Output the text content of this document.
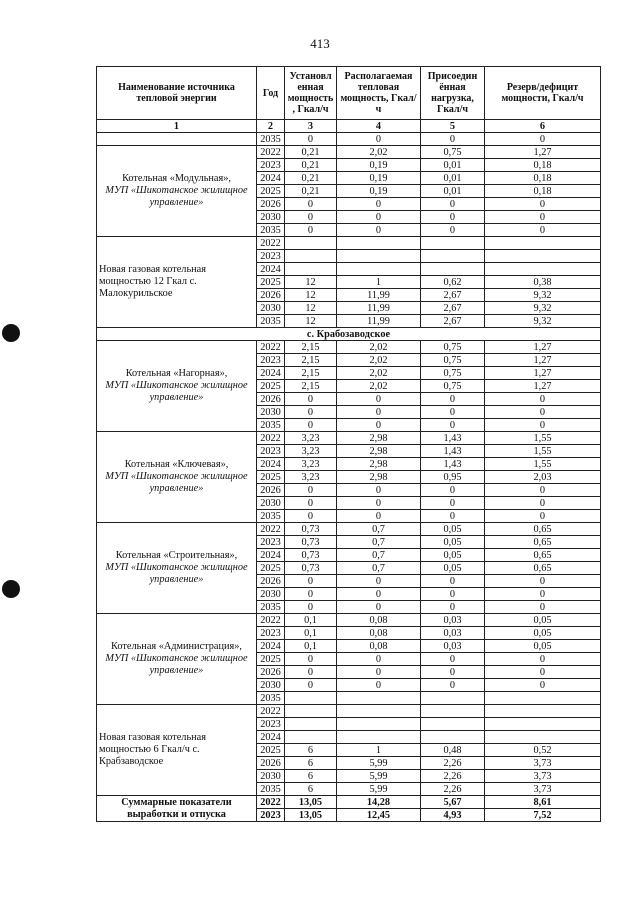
413
Наименование источника тепловой энергии	Год	Установл енная мощность , Гкал/ч	Располагаемая тепловая мощность, Гкал/ч	Присоедин ённая нагрузка, Гкал/ч	Резерв/дефицит мощности, Гкал/ч
1	2	3	4	5	6
	2035	0	0	0	0

Котельная «Модульная»,
МУП «Шикотанское жилищное управление»	2022	0,21	2,02	0,75	1,27
	2023	0,21	0,19	0,01	0,18
	2024	0,21	0,19	0,01	0,18
	2025	0,21	0,19	0,01	0,18
	2026	0	0	0	0
	2030	0	0	0	0
	2035	0	0	0	0

Новая газовая котельная мощностью 12 Гкал с. Малокурильское	2022				
	2023				
	2024				
	2025	12	1	0,62	0,38
	2026	12	11,99	2,67	9,32
	2030	12	11,99	2,67	9,32
	2035	12	11,99	2,67	9,32
с. Крабозаводское					

Котельная «Нагорная»,
МУП «Шикотанское жилищное управление»	2022	2,15	2,02	0,75	1,27
	2023	2,15	2,02	0,75	1,27
	2024	2,15	2,02	0,75	1,27
	2025	2,15	2,02	0,75	1,27
	2026	0	0	0	0
	2030	0	0	0	0
	2035	0	0	0	0

Котельная «Ключевая»,
МУП «Шикотанское жилищное управление»	2022	3,23	2,98	1,43	1,55
	2023	3,23	2,98	1,43	1,55
	2024	3,23	2,98	1,43	1,55
	2025	3,23	2,98	0,95	2,03
	2026	0	0	0	0
	2030	0	0	0	0
	2035	0	0	0	0

Котельная «Строительная»,
МУП «Шикотанское жилищное управление»	2022	0,73	0,7	0,05	0,65
	2023	0,73	0,7	0,05	0,65
	2024	0,73	0,7	0,05	0,65
	2025	0,73	0,7	0,05	0,65
	2026	0	0	0	0
	2030	0	0	0	0
	2035	0	0	0	0

Котельная «Администрация»,
МУП «Шикотанское жилищное управление»	2022	0,1	0,08	0,03	0,05
	2023	0,1	0,08	0,03	0,05
	2024	0,1	0,08	0,03	0,05
	2025	0	0	0	0
	2026	0	0	0	0
	2030	0	0	0	0
	2035				

Новая газовая котельная мощностью 6 Гкал/ч с. Крабзаводское	2022				
	2023				
	2024				
	2025	6	1	0,48	0,52
	2026	6	5,99	2,26	3,73
	2030	6	5,99	2,26	3,73
	2035	6	5,99	2,26	3,73
Суммарные показатели выработки и отпуска	2022	13,05	14,28	5,67	8,61
	2023	13,05	12,45	4,93	7,52
